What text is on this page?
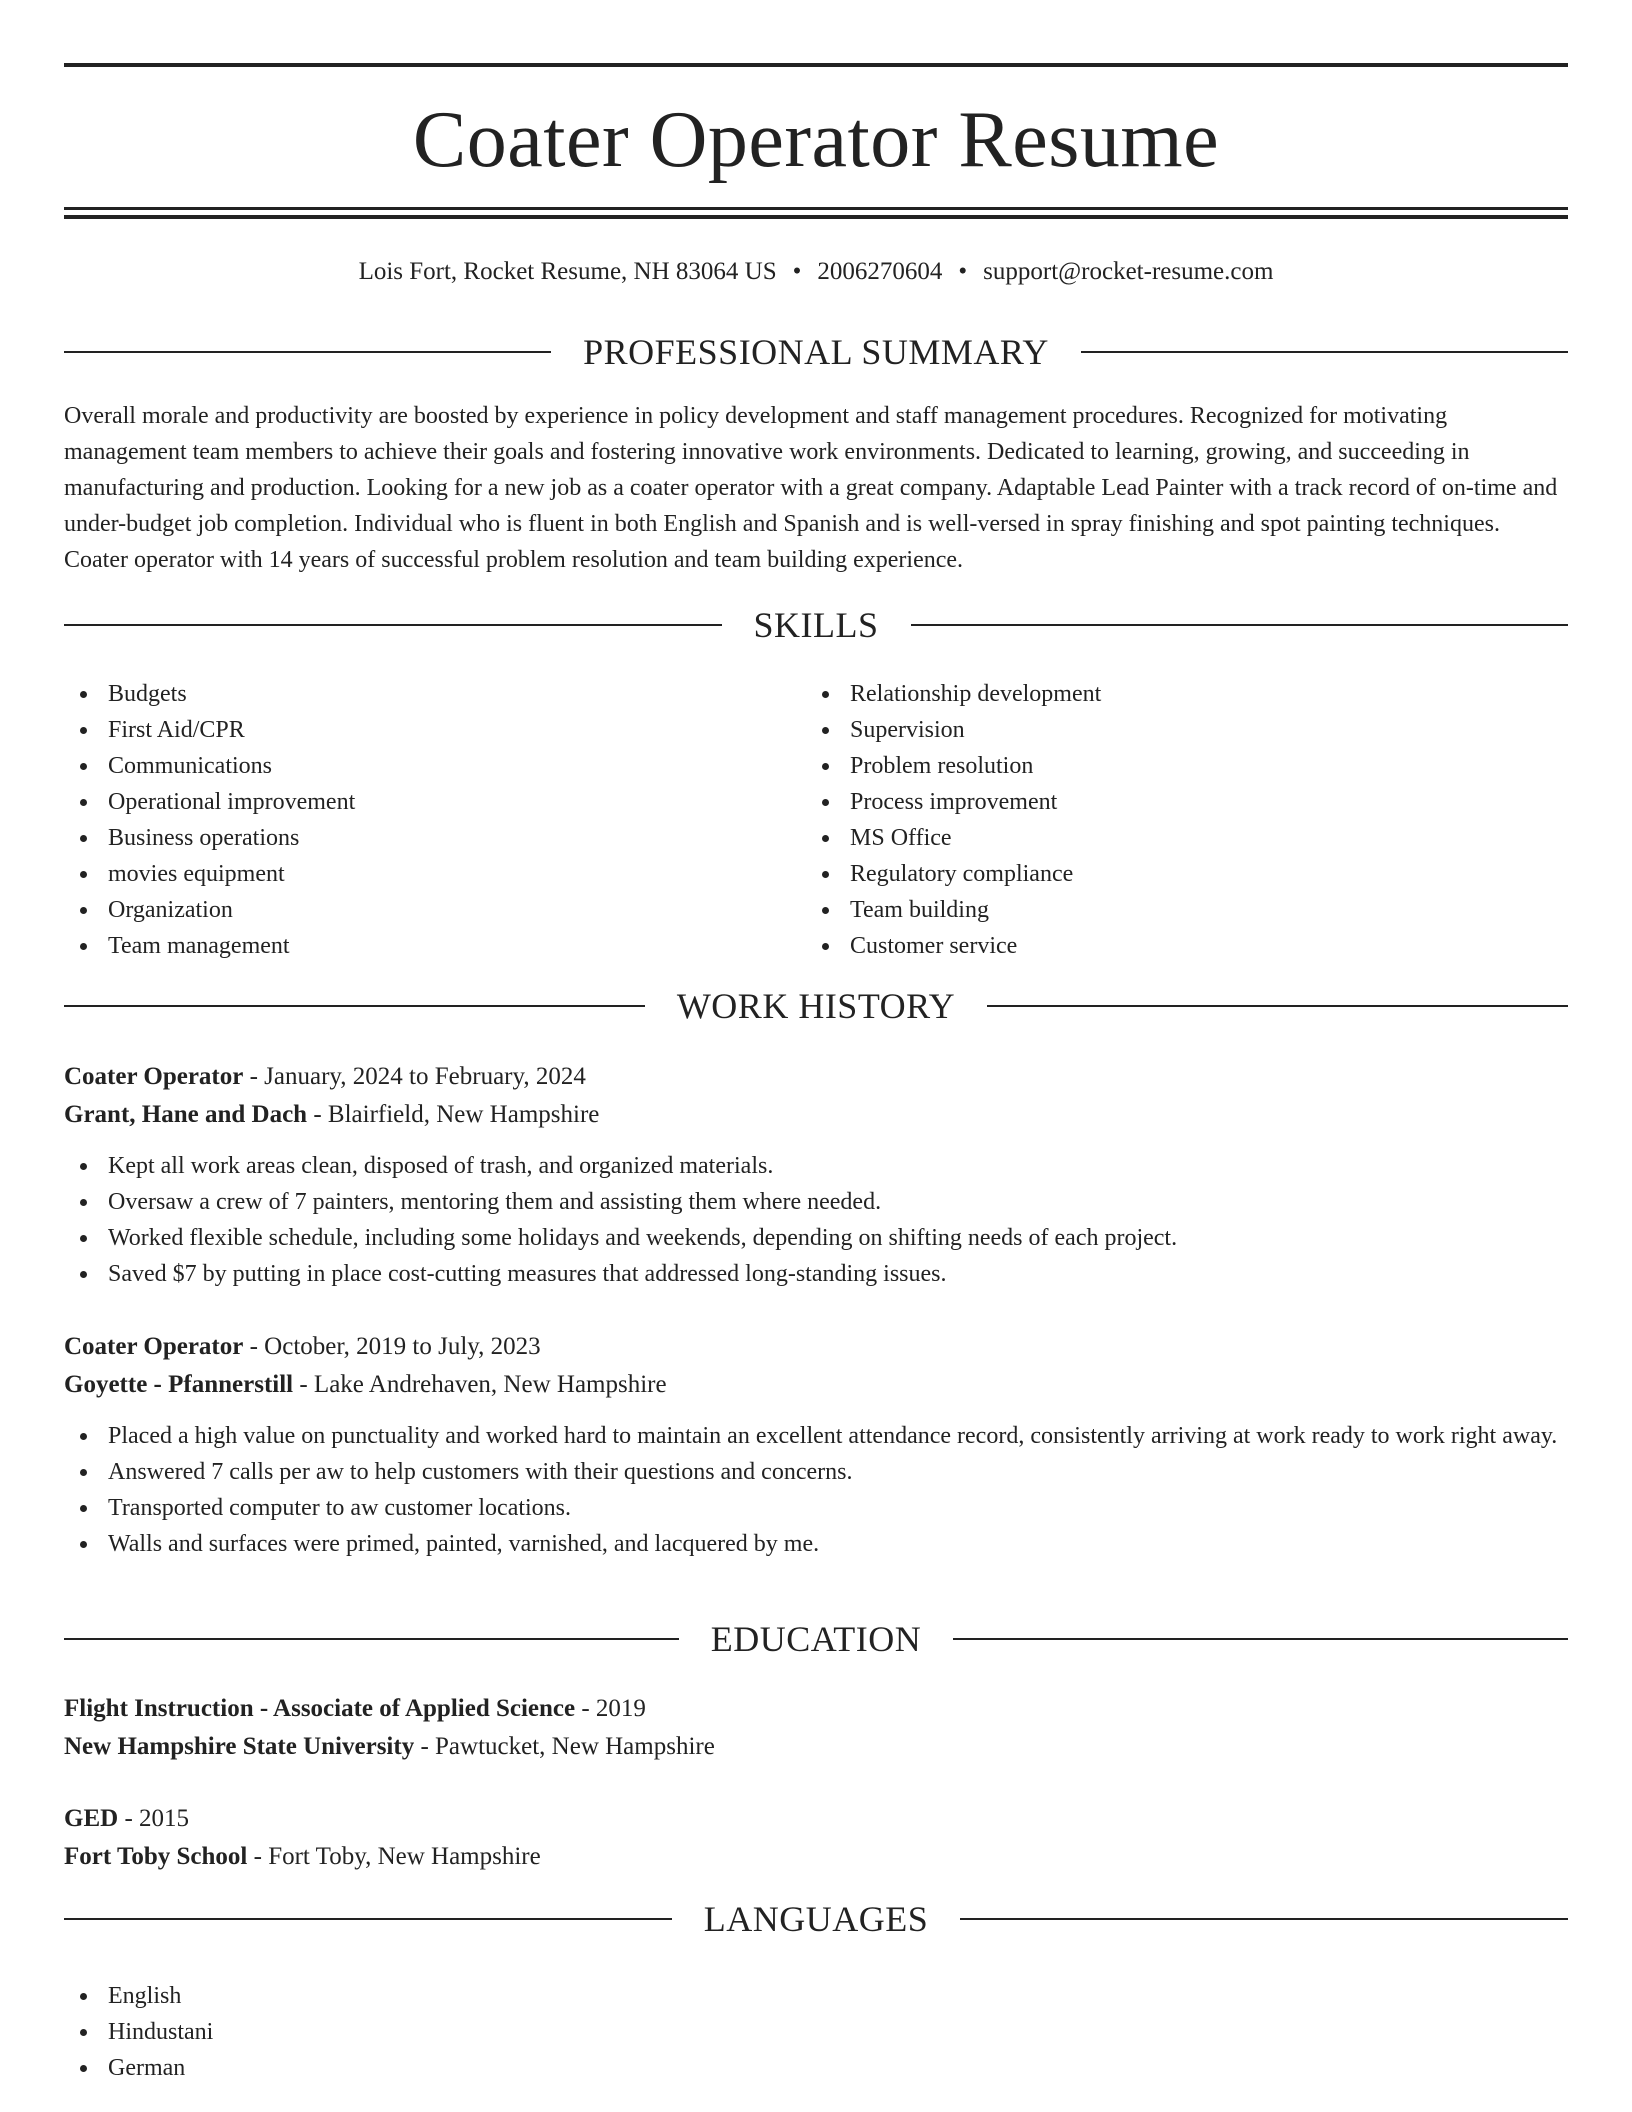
Coater Operator Resume
Lois Fort, Rocket Resume, NH 83064 US • 2006270604 • support@rocket-resume.com
PROFESSIONAL SUMMARY

Overall morale and productivity are boosted by experience in policy development and staff management procedures. Recognized for motivating management team members to achieve their goals and fostering innovative work environments. Dedicated to learning, growing, and succeeding in manufacturing and production. Looking for a new job as a coater operator with a great company. Adaptable Lead Painter with a track record of on-time and under-budget job completion. Individual who is fluent in both English and Spanish and is well-versed in spray finishing and spot painting techniques. Coater operator with 14 years of successful problem resolution and team building experience.

SKILLS
Budgets
First Aid/CPR
Communications
Operational improvement
Business operations
movies equipment
Organization
Team management
Relationship development
Supervision
Problem resolution
Process improvement
MS Office
Regulatory compliance
Team building
Customer service
WORK HISTORY
Coater Operator - January, 2024 to February, 2024
Grant, Hane and Dach - Blairfield, New Hampshire
Kept all work areas clean, disposed of trash, and organized materials.
Oversaw a crew of 7 painters, mentoring them and assisting them where needed.
Worked flexible schedule, including some holidays and weekends, depending on shifting needs of each project.
Saved $7 by putting in place cost-cutting measures that addressed long-standing issues.
Coater Operator - October, 2019 to July, 2023
Goyette - Pfannerstill - Lake Andrehaven, New Hampshire
Placed a high value on punctuality and worked hard to maintain an excellent attendance record, consistently arriving at work ready to work right away.
Answered 7 calls per aw to help customers with their questions and concerns.
Transported computer to aw customer locations.
Walls and surfaces were primed, painted, varnished, and lacquered by me.
EDUCATION
Flight Instruction - Associate of Applied Science - 2019
New Hampshire State University - Pawtucket, New Hampshire
GED - 2015
Fort Toby School - Fort Toby, New Hampshire
LANGUAGES
English
Hindustani
German
